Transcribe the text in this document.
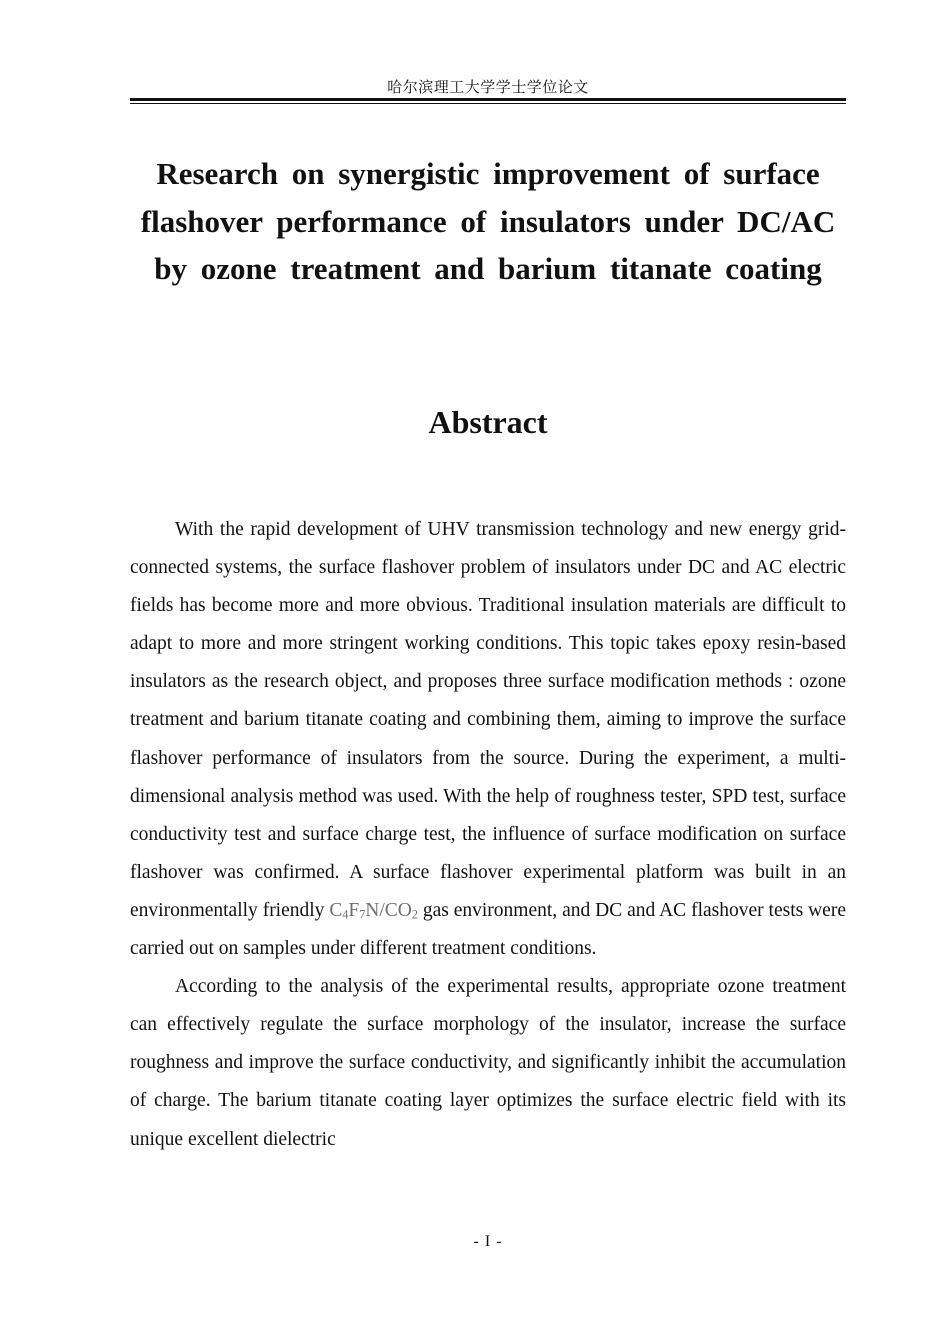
哈尔滨理工大学学士学位论文
Research on synergistic improvement of surface flashover performance of insulators under DC/AC by ozone treatment and barium titanate coating
Abstract

With the rapid development of UHV transmission technology and new energy grid-connected systems, the surface flashover problem of insulators under DC and AC electric fields has become more and more obvious. Traditional insulation materials are difficult to adapt to more and more stringent working conditions. This topic takes epoxy resin-based insulators as the research object, and proposes three surface modification methods : ozone treatment and barium titanate coating and combining them, aiming to improve the surface flashover performance of insulators from the source. During the experiment, a multi-dimensional analysis method was used. With the help of roughness tester, SPD test, surface conductivity test and surface charge test, the influence of surface modification on surface flashover was confirmed. A surface flashover experimental platform was built in an environmentally friendly $C_4F_7N/CO_2$ gas environment, and DC and AC flashover tests were carried out on samples under different treatment conditions.

According to the analysis of the experimental results, appropriate ozone treatment can effectively regulate the surface morphology of the insulator, increase the surface roughness and improve the surface conductivity, and significantly inhibit the accumulation of charge. The barium titanate coating layer optimizes the surface electric field with its unique excellent dielectric

- I -
